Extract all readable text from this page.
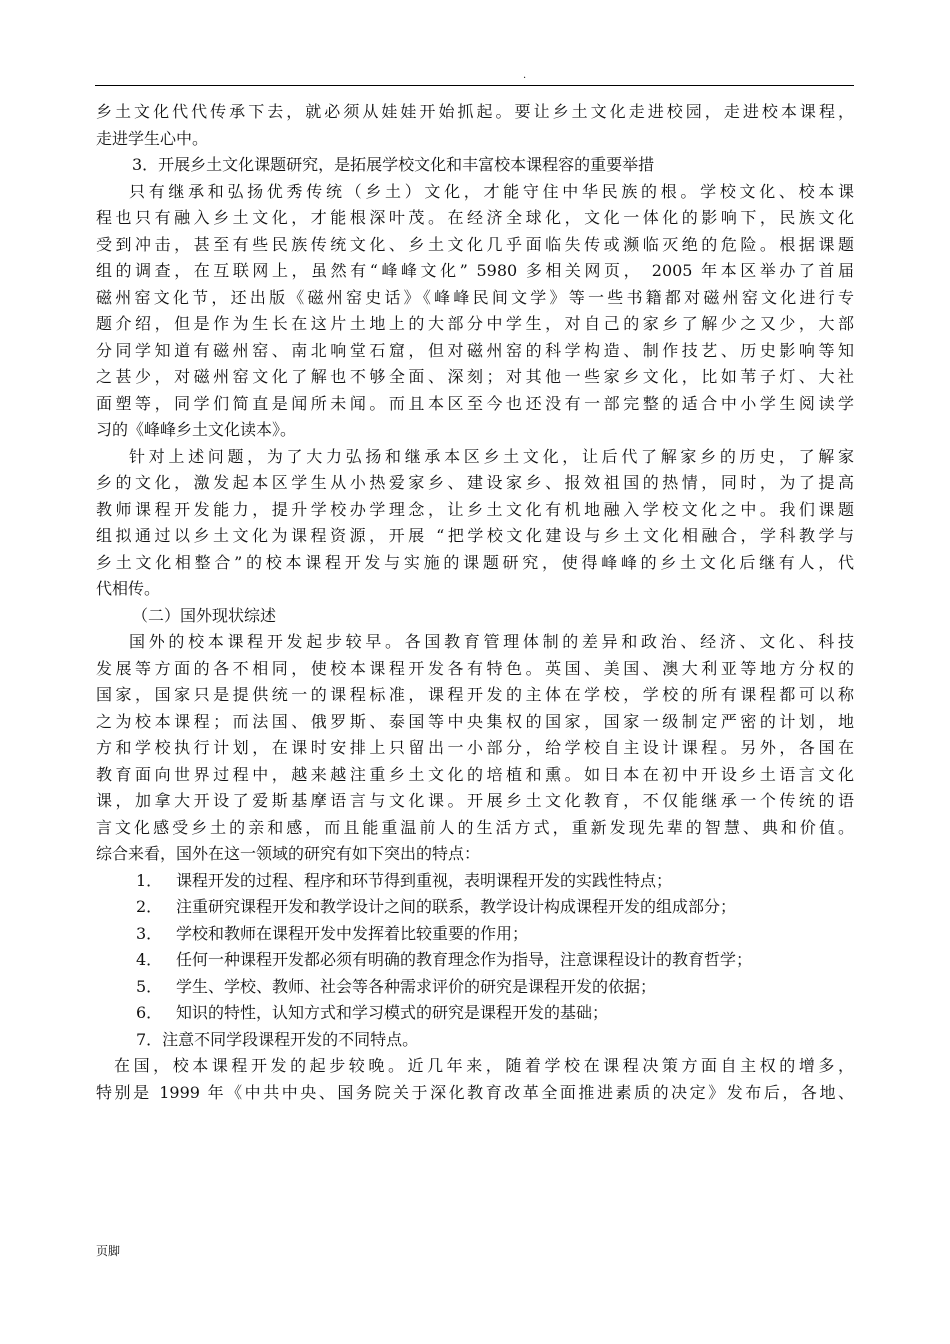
.
乡土文化代代传承下去，就必须从娃娃开始抓起。要让乡土文化走进校园，走进校本课程，
走进学生心中。
3．开展乡土文化课题研究，是拓展学校文化和丰富校本课程容的重要举措
只有继承和弘扬优秀传统（乡土）文化，才能守住中华民族的根。学校文化、校本课
程也只有融入乡土文化，才能根深叶茂。在经济全球化，文化一体化的影响下，民族文化
受到冲击，甚至有些民族传统文化、乡土文化几乎面临失传或濒临灭绝的危险。根据课题
组的调查，在互联网上，虽然有“峰峰文化” 5980 多相关网页， 2005 年本区举办了首届
磁州窑文化节，还出版《磁州窑史话》《峰峰民间文学》等一些书籍都对磁州窑文化进行专
题介绍，但是作为生长在这片土地上的大部分中学生，对自己的家乡了解少之又少，大部
分同学知道有磁州窑、南北响堂石窟，但对磁州窑的科学构造、制作技艺、历史影响等知
之甚少，对磁州窑文化了解也不够全面、深刻；对其他一些家乡文化，比如苇子灯、大社
面塑等，同学们简直是闻所未闻。而且本区至今也还没有一部完整的适合中小学生阅读学
习的《峰峰乡土文化读本》。
针对上述问题，为了大力弘扬和继承本区乡土文化，让后代了解家乡的历史，了解家
乡的文化，激发起本区学生从小热爱家乡、建设家乡、报效祖国的热情，同时，为了提高
教师课程开发能力，提升学校办学理念，让乡土文化有机地融入学校文化之中。我们课题
组拟通过以乡土文化为课程资源，开展 “把学校文化建设与乡土文化相融合，学科教学与
乡土文化相整合”的校本课程开发与实施的课题研究，使得峰峰的乡土文化后继有人，代
代相传。
（二）国外现状综述
国外的校本课程开发起步较早。各国教育管理体制的差异和政治、经济、文化、科技
发展等方面的各不相同，使校本课程开发各有特色。英国、美国、澳大利亚等地方分权的
国家，国家只是提供统一的课程标准，课程开发的主体在学校，学校的所有课程都可以称
之为校本课程；而法国、俄罗斯、泰国等中央集权的国家，国家一级制定严密的计划，地
方和学校执行计划，在课时安排上只留出一小部分，给学校自主设计课程。另外，各国在
教育面向世界过程中，越来越注重乡土文化的培植和熏。如日本在初中开设乡土语言文化
课，加拿大开设了爱斯基摩语言与文化课。开展乡土文化教育，不仅能继承一个传统的语
言文化感受乡土的亲和感，而且能重温前人的生活方式，重新发现先辈的智慧、典和价值。
综合来看，国外在这一领域的研究有如下突出的特点：
1． 课程开发的过程、程序和环节得到重视，表明课程开发的实践性特点；
2． 注重研究课程开发和教学设计之间的联系，教学设计构成课程开发的组成部分；
3． 学校和教师在课程开发中发挥着比较重要的作用；
4． 任何一种课程开发都必须有明确的教育理念作为指导，注意课程设计的教育哲学；
5． 学生、学校、教师、社会等各种需求评价的研究是课程开发的依据；
6． 知识的特性，认知方式和学习模式的研究是课程开发的基础；
7．注意不同学段课程开发的不同特点。
在国，校本课程开发的起步较晚。近几年来，随着学校在课程决策方面自主权的增多，
特别是 1999 年《中共中央、国务院关于深化教育改革全面推进素质的决定》发布后，各地、
页脚
